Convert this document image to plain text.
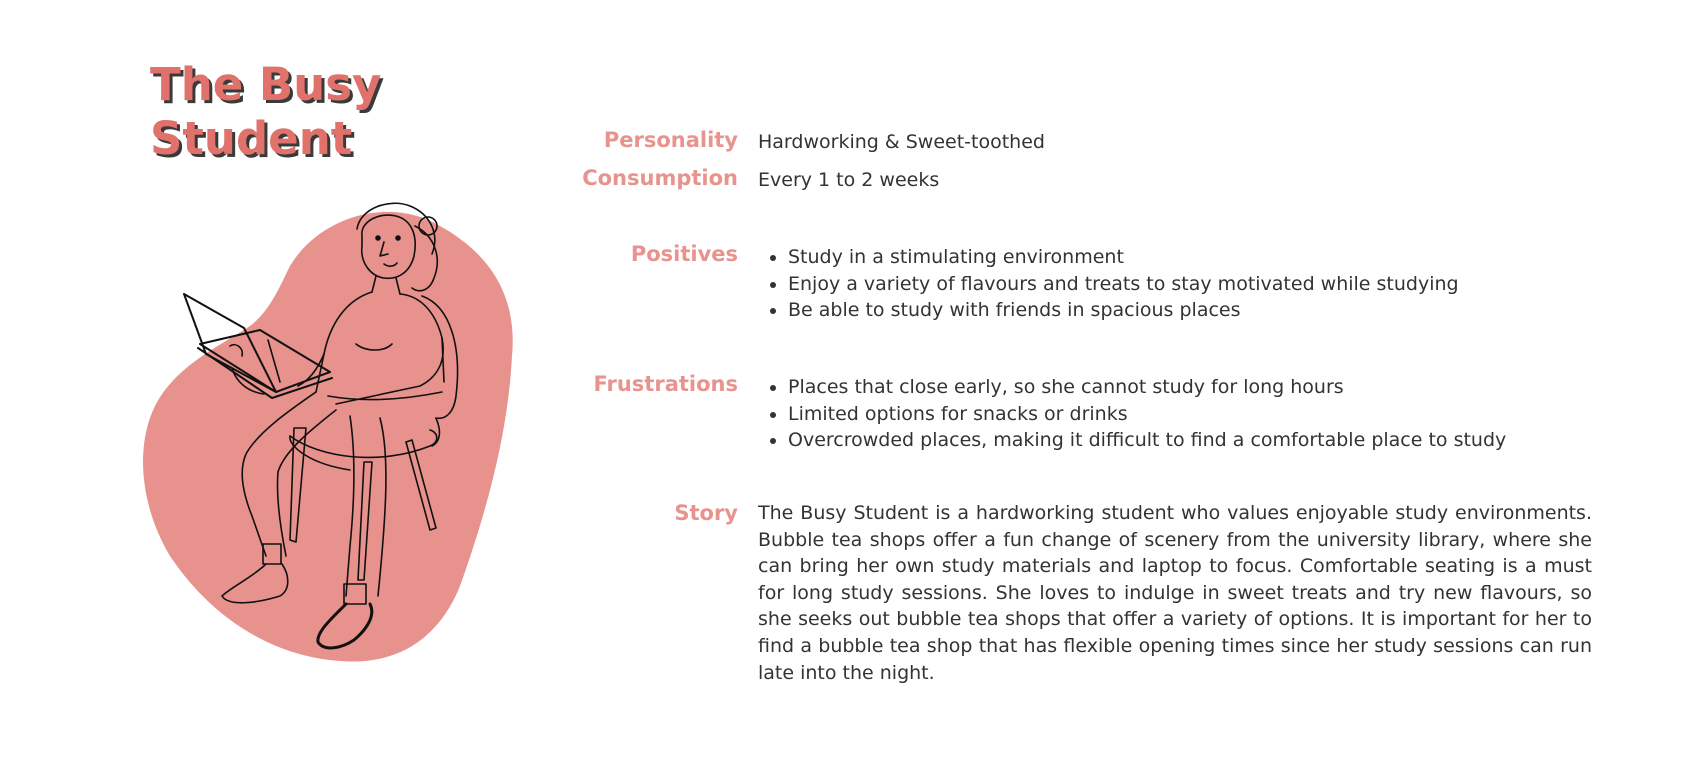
The Busy
Student	Personality Hardworking & Sweet-toothed
Consumption Every 1 to 2 weeks
Positives	Study in a stimulating environment
Enjoy a variety of flavours and treats to stay motivated while studying
Be able to study with friends in spacious places
Frustrations	Places that close early, so she cannot study for long hours
Limited options for snacks or drinks
Overcrowded places, making it difficult to find a comfortable place to study
Story The Busy Student is a hardworking student who values enjoyable study environments. Bubble tea shops offer a fun change of scenery from the university library, where she can bring her own study materials and laptop to focus. Comfortable seating is a must for long study sessions. She loves to indulge in sweet treats and try new flavours, so she seeks out bubble tea shops that offer a variety of options. It is important for her to find a bubble tea shop that has flexible opening times since her study sessions can run late into the night.
